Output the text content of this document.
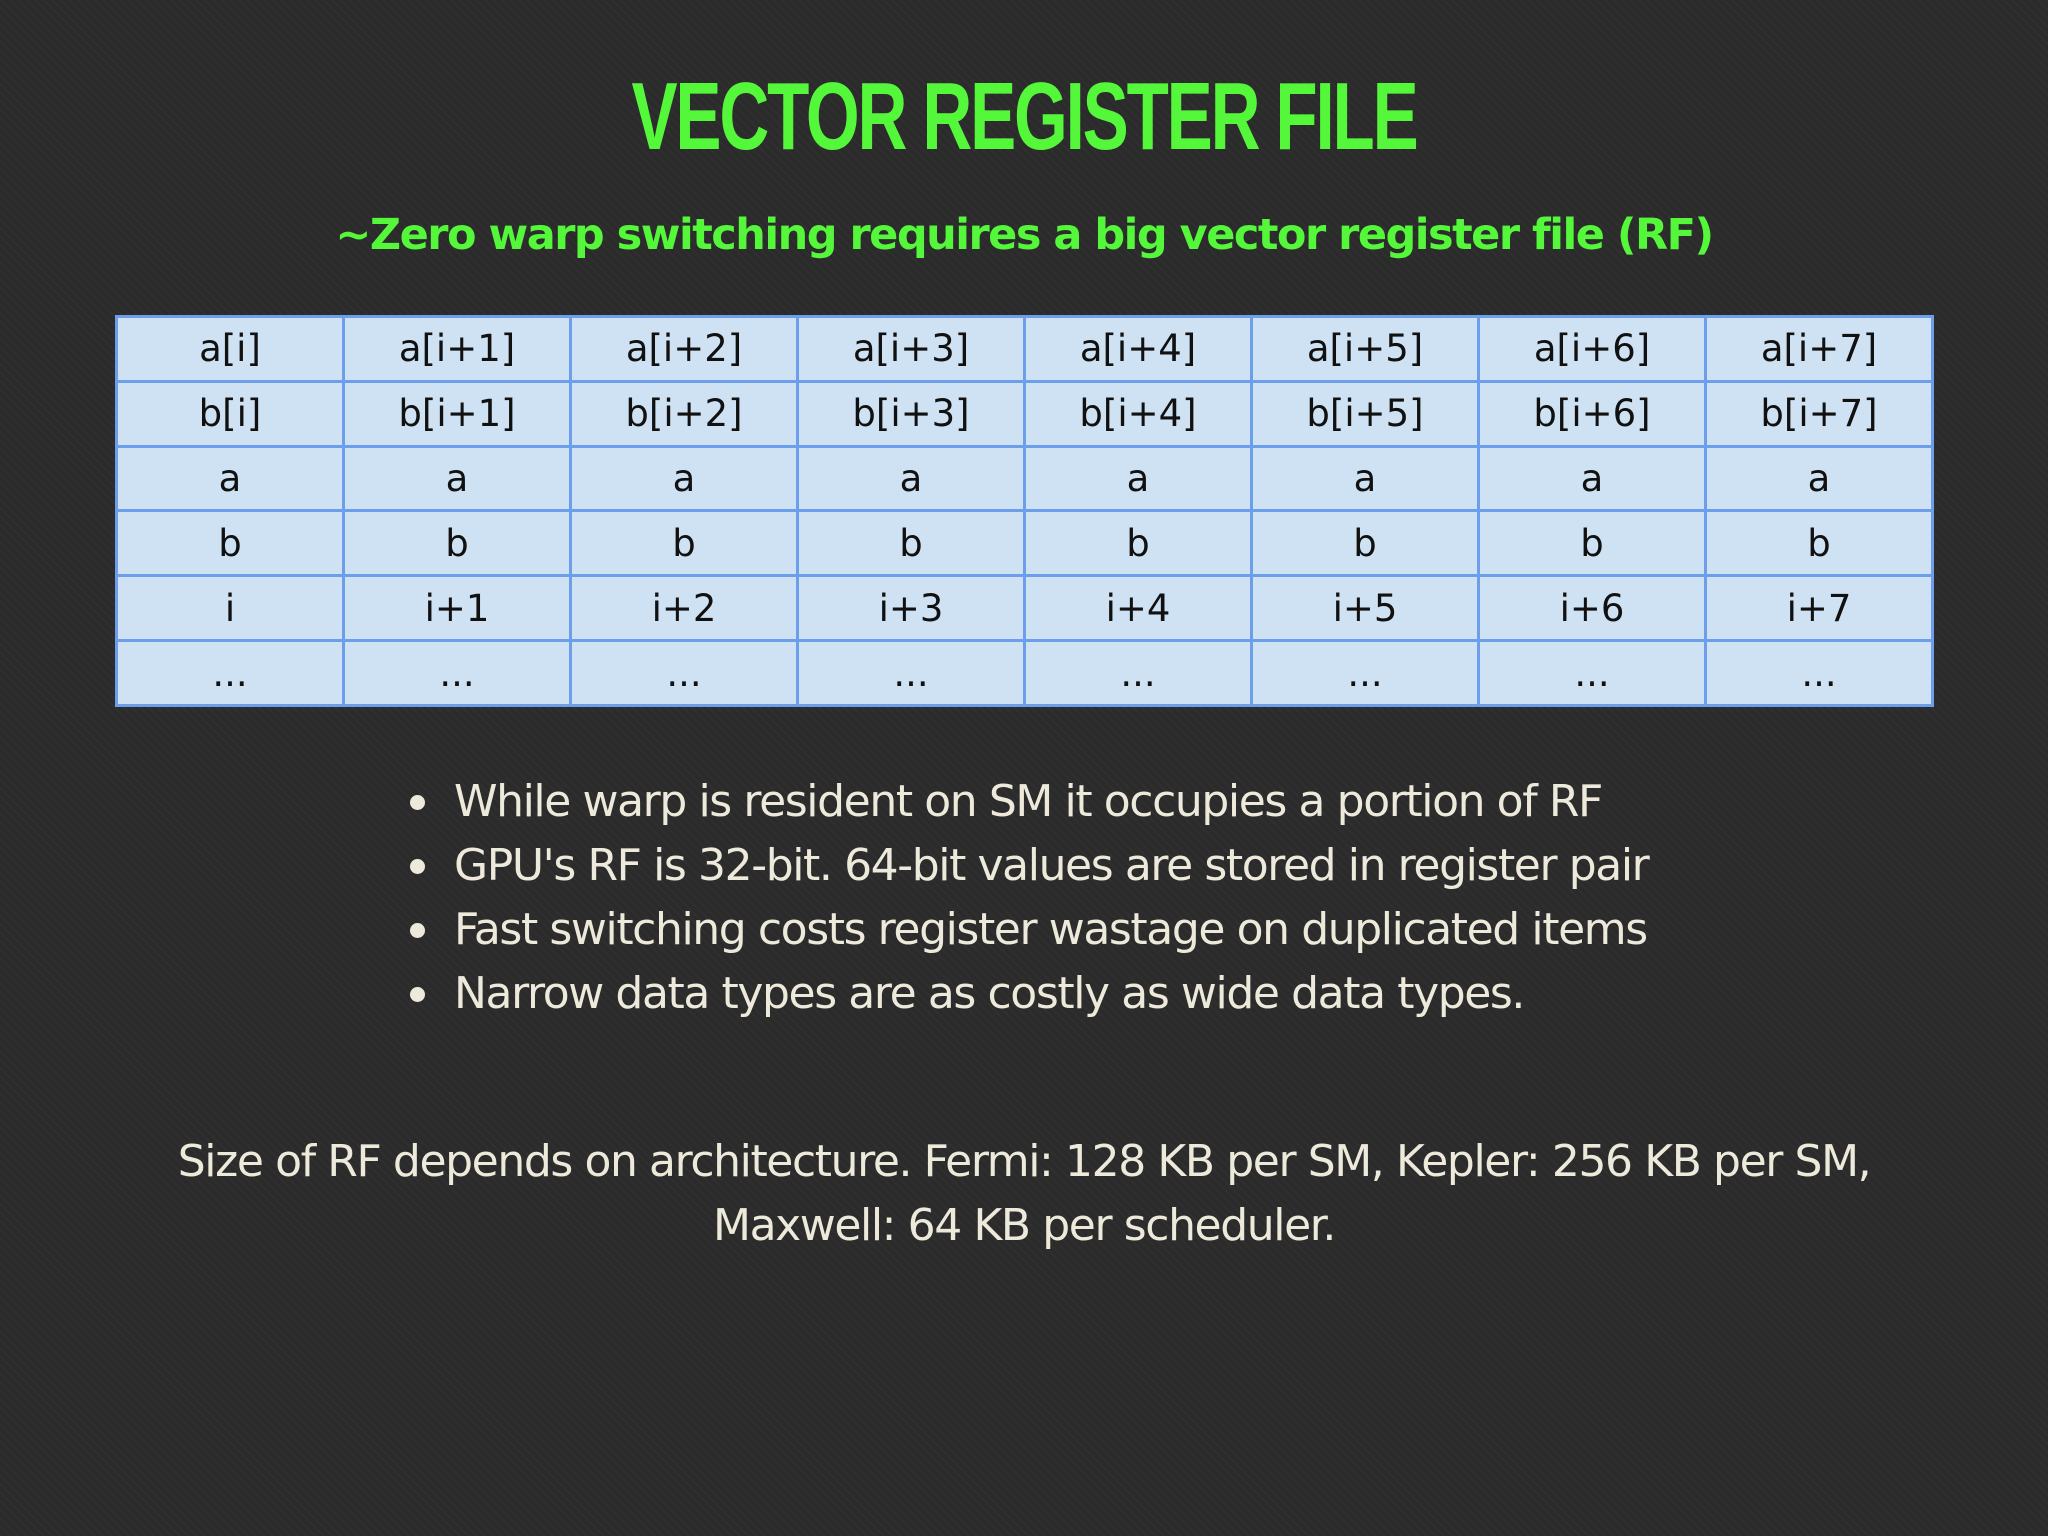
VECTOR REGISTER FILE
~Zero warp switching requires a big vector register file (RF)
a[i]	a[i+1]	a[i+2]	a[i+3]	a[i+4]	a[i+5]	a[i+6]	a[i+7]
b[i]	b[i+1]	b[i+2]	b[i+3]	b[i+4]	b[i+5]	b[i+6]	b[i+7]
a	a	a	a	a	a	a	a
b	b	b	b	b	b	b	b
i	i+1	i+2	i+3	i+4	i+5	i+6	i+7
...	...	...	...	...	...	...	...
While warp is resident on SM it occupies a portion of RF
GPU's RF is 32-bit. 64-bit values are stored in register pair
Fast switching costs register wastage on duplicated items
Narrow data types are as costly as wide data types.
Size of RF depends on architecture. Fermi: 128 KB per SM, Kepler: 256 KB per SM,
Maxwell: 64 KB per scheduler.
